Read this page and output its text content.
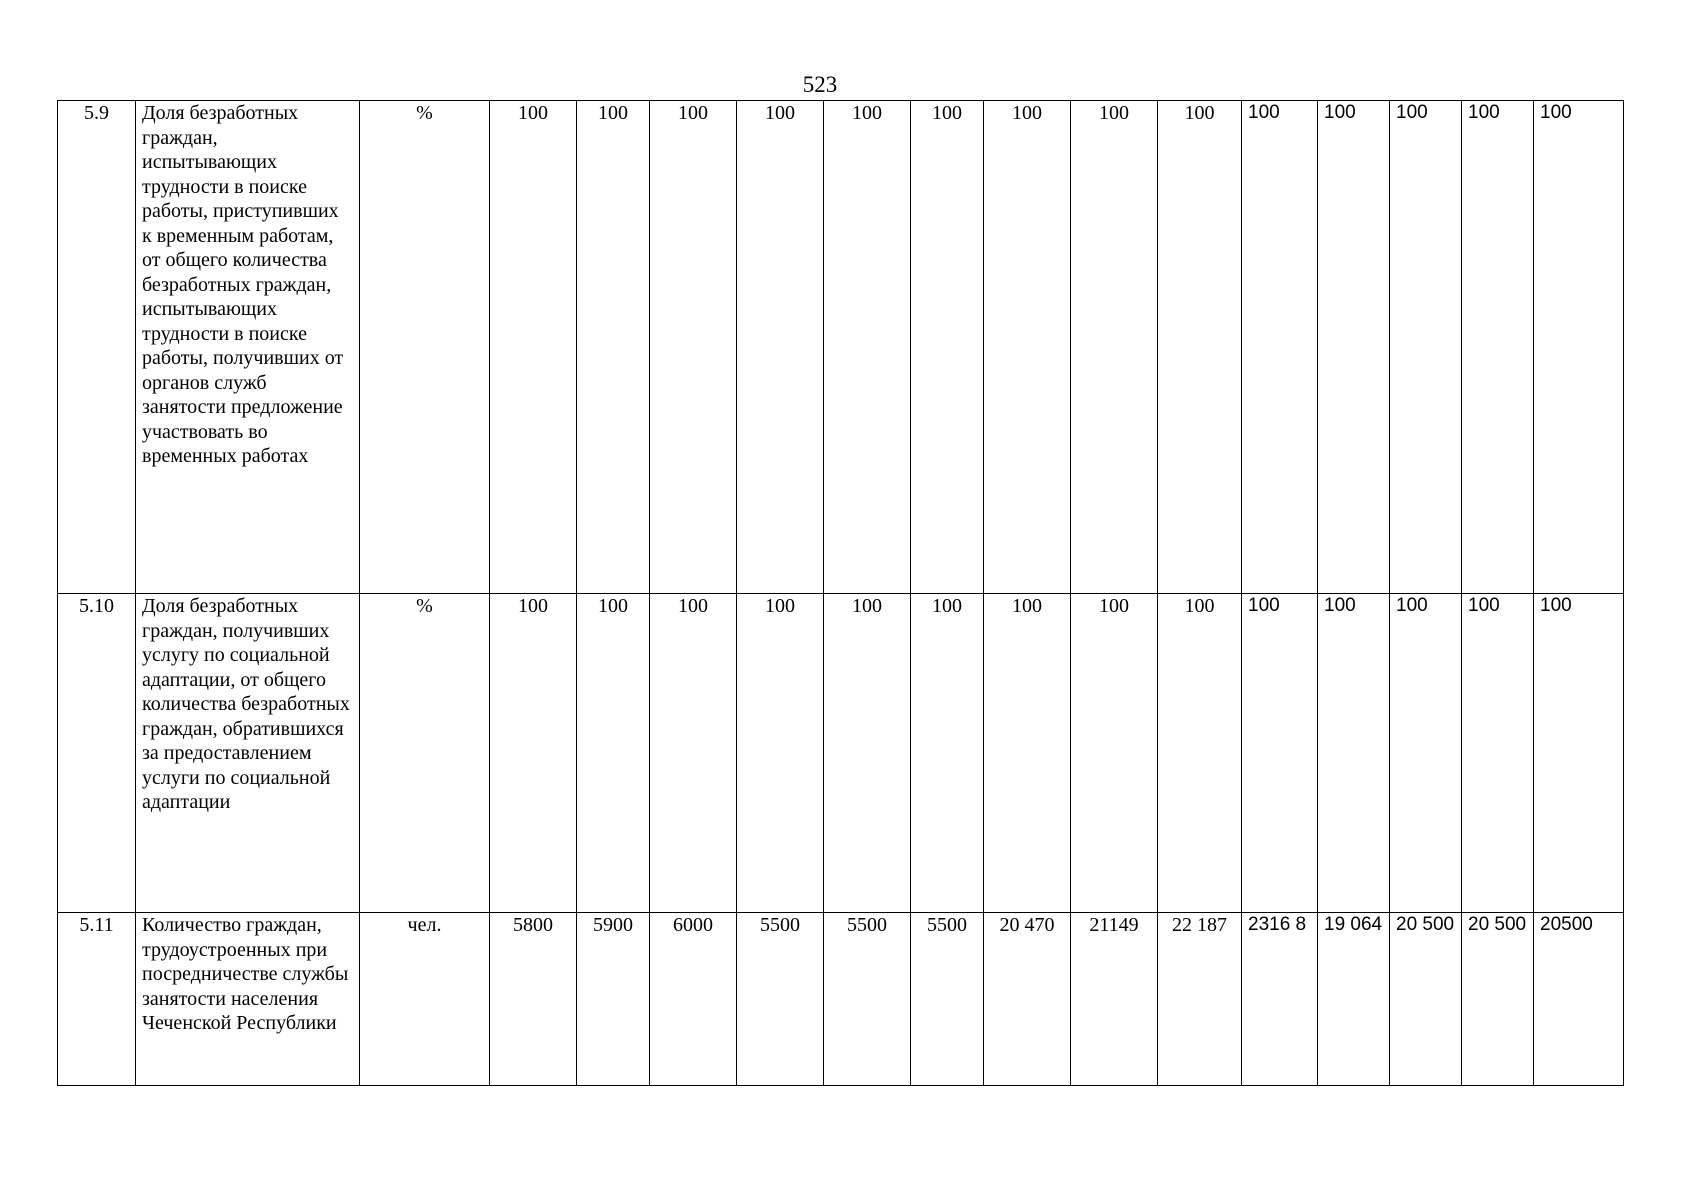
523
5.9	Доля безработных граждан, испытывающих трудности в поиске работы, приступивших к временным работам, от общего количества безработных граждан, испытывающих трудности в поиске работы, получивших от органов служб занятости предложение участвовать во временных работах	%	100	100	100	100	100	100	100	100	100	100	100	100	100	100
5.10	Доля безработных граждан, получивших услугу по социальной адаптации, от общего количества безработных граждан, обратившихся за предоставлением услуги по социальной адаптации	%	100	100	100	100	100	100	100	100	100	100	100	100	100	100
5.11	Количество граждан, трудоустроенных при посредничестве службы занятости населения Чеченской Республики	чел.	5800	5900	6000	5500	5500	5500	20 470	21149	22 187	2316 8	19 064	20 500	20 500	20500
